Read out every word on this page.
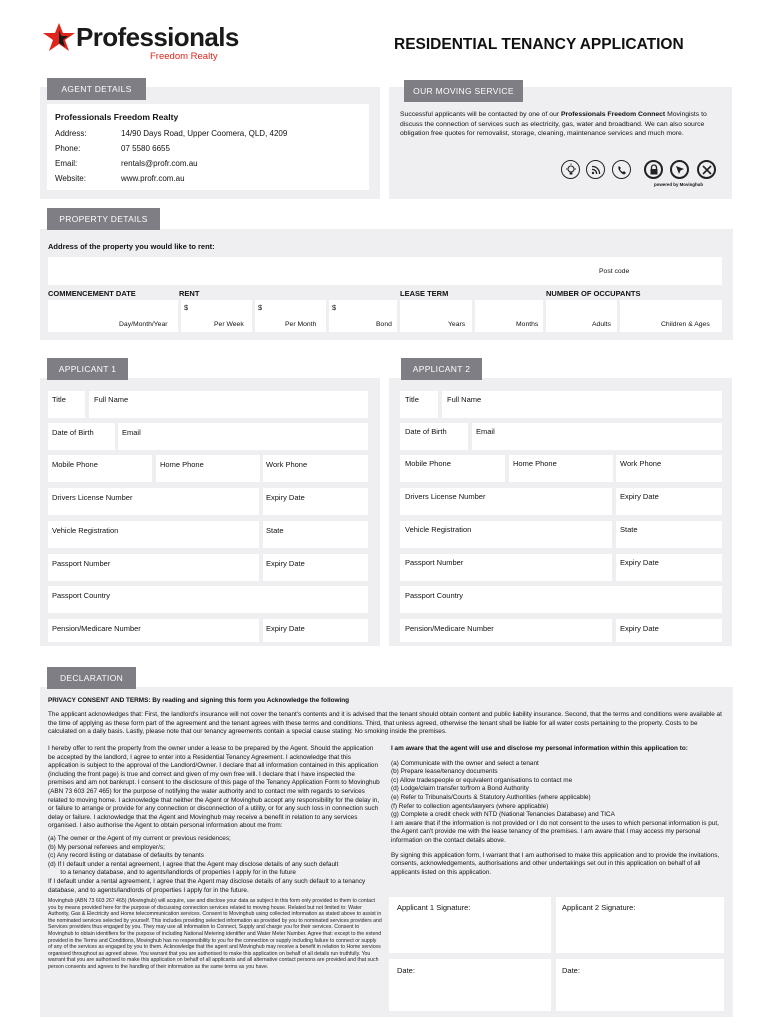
Professionals
Freedom Realty
RESIDENTIAL TENANCY APPLICATION
AGENT DETAILS
Professionals Freedom Realty
Address:	14/90 Days Road, Upper Coomera, QLD, 4209
Phone:	07 5580 6655
Email:	rentals@profr.com.au
Website:	www.profr.com.au
OUR MOVING SERVICE
Successful applicants will be contacted by one of our Professionals Freedom Connect Movingists to discuss the connection of services such as electricity, gas, water and broadband. We can also source obligation free quotes for removalist, storage, cleaning, maintenance services and much more.
powered by Movinghub
PROPERTY DETAILS
Address of the property you would like to rent:
Post code
COMMENCEMENT DATE	RENT	LEASE TERM	NUMBER OF OCCUPANTS
$	$	$
Day/Month/Year	Per Week	Per Month	Bond	Years	Months	Adults	Children & Ages
APPLICANT 1
Title	Full Name
Date of Birth	Email
Mobile Phone	Home Phone	Work Phone
Drivers License Number	Expiry Date
Vehicle Registration	State
Passport Number	Expiry Date
Passport Country
Pension/Medicare Number	Expiry Date
APPLICANT 2
Title	Full Name
Date of Birth	Email
Mobile Phone	Home Phone	Work Phone
Drivers License Number	Expiry Date
Vehicle Registration	State
Passport Number	Expiry Date
Passport Country
Pension/Medicare Number	Expiry Date
DECLARATION
PRIVACY CONSENT AND TERMS: By reading and signing this form you Acknowledge the following
The applicant acknowledges that: First, the landlord's insurance will not cover the tenant's contents and it is advised that the tenant should obtain content and public liability insurance. Second, that the terms and conditions were available at the time of applying as these form part of the agreement and the tenant agrees with these terms and conditions. Third, that unless agreed, otherwise the tenant shall be liable for all water costs pertaining to the property. Costs to be calculated on a daily basis. Lastly, please note that our tenancy agreements contain a special cause stating: No smoking inside the premises.
I hereby offer to rent the property from the owner under a lease to be prepared by the Agent. Should the application be accepted by the landlord, I agree to enter into a Residential Tenancy Agreement. I acknowledge that this application is subject to the approval of the Landlord/Owner. I declare that all information contained in this application (including the front page) is true and correct and given of my own free will. I declare that I have inspected the premises and am not bankrupt. I consent to the disclosure of this page of the Tenancy Application Form to Movinghub (ABN 73 603 267 465) for the purpose of notifying the water authority and to contact me with regards to services related to moving home. I acknowledge that neither the Agent or Movinghub accept any responsibility for the delay in, or failure to arrange or provide for any connection or disconnection of a utility, or for any such loss in connection such delay or failure. I acknowledge that the Agent and Movinghub may receive a benefit in relation to any services organised. I also authorise the Agent to obtain personal information about me from:
(a) The owner or the Agent of my current or previous residences;
(b) My personal referees and employer/s;
(c) Any record listing or database of defaults by tenants
(d) If I default under a rental agreement, I agree that the Agent may disclose details of any such default
to a tenancy database, and to agents/landlords of properties I apply for in the future
If I default under a rental agreement, I agree that the Agent may disclose details of any such default to a tenancy database, and to agents/landlords of properties I apply for in the future.
Movinghub (ABN 73 603 267 465) (Movinghub) will acquire, use and disclose your data as subject in this form only provided to them to contact you by means provided here for the purpose of discussing connection services related to moving house. Related but not limited to: Water Authority, Gas & Electricity and Home telecommunication services. Consent to Movinghub using collected information as stated above to assist in the nominated services selected by yourself. This includes providing selected information as provided by you to nominated services providers and Services providers thus engaged by you. They may use all information to Connect, Supply and charge you for their services. Consent to Movinghub to obtain identifiers for the purpose of including National Metering identifier and Water Meter Number. Agree that: except to the extend provided in the Terms and Conditions, Movinghub has no responsibility to you for the connection or supply including failure to connect or supply of any of the services as engaged by you to them. Acknowledge that the agent and Movinghub may receive a benefit in relation to Home services organised throughout as agreed above. You warrant that you are authorised to make this application on behalf of all details run truthfully. You warrant that you are authorised to make this application on behalf of all applicants and all alternative contact persons are provided and that such person consents and agrees to the handling of their information as the same terms as you have.
I am aware that the agent will use and disclose my personal information within this application to:
(a) Communicate with the owner and select a tenant
(b) Prepare lease/tenancy documents
(c) Allow tradespeople or equivalent organisations to contact me
(d) Lodge/claim transfer to/from a Bond Authority
(e) Refer to Tribunals/Courts & Statutory Authorities (where applicable)
(f) Refer to collection agents/lawyers (where applicable)
(g) Complete a credit check with NTD (National Tenancies Database) and TICA
I am aware that if the information is not provided or I do not consent to the uses to which personal information is put, the Agent can't provide me with the lease tenancy of the premises. I am aware that I may access my personal information on the contact details above.
By signing this application form, I warrant that I am authorised to make this application and to provide the invitations, consents, acknowledgements, authorisations and other undertakings set out in this application on behalf of all applicants listed on this application.
Applicant 1 Signature:	Applicant 2 Signature:
Date:	Date:
